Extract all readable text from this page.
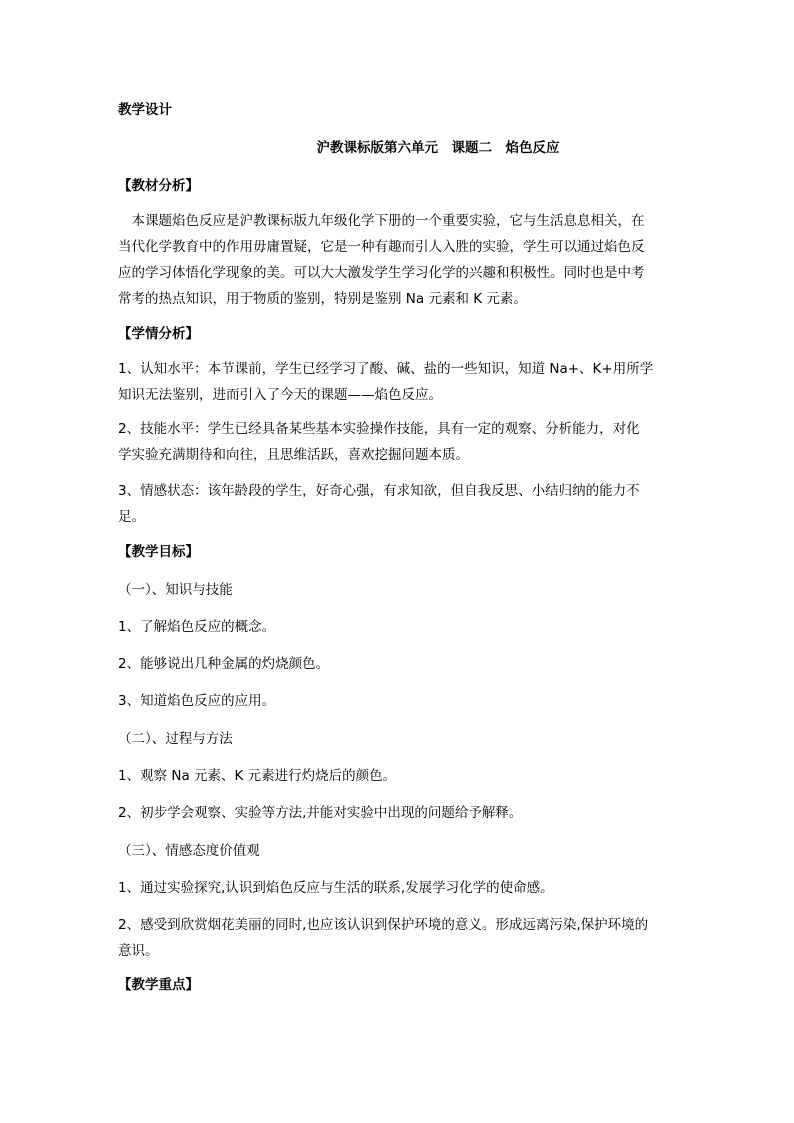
教学设计
沪教课标版第六单元　课题二　焰色反应
【教材分析】
　本课题焰色反应是沪教课标版九年级化学下册的一个重要实验，它与生活息息相关，在
当代化学教育中的作用毋庸置疑，它是一种有趣而引人入胜的实验，学生可以通过焰色反
应的学习体悟化学现象的美。可以大大激发学生学习化学的兴趣和积极性。同时也是中考
常考的热点知识，用于物质的鉴别，特别是鉴别 Na 元素和 K 元素。
【学情分析】
1、认知水平：本节课前，学生已经学习了酸、碱、盐的一些知识，知道 Na+、K+用所学
知识无法鉴别，进而引入了今天的课题——焰色反应。
2、技能水平：学生已经具备某些基本实验操作技能，具有一定的观察、分析能力，对化
学实验充满期待和向往，且思维活跃，喜欢挖掘问题本质。
3、情感状态：该年龄段的学生，好奇心强，有求知欲，但自我反思、小结归纳的能力不
足。
【教学目标】
（一）、知识与技能
1、了解焰色反应的概念。
2、能够说出几种金属的灼烧颜色。
3、知道焰色反应的应用。
（二）、过程与方法
1、观察 Na 元素、K 元素进行灼烧后的颜色。
2、初步学会观察、实验等方法,并能对实验中出现的问题给予解释。
（三）、情感态度价值观
1、通过实验探究,认识到焰色反应与生活的联系,发展学习化学的使命感。
2、感受到欣赏烟花美丽的同时,也应该认识到保护环境的意义。形成远离污染,保护环境的
意识。
【教学重点】
